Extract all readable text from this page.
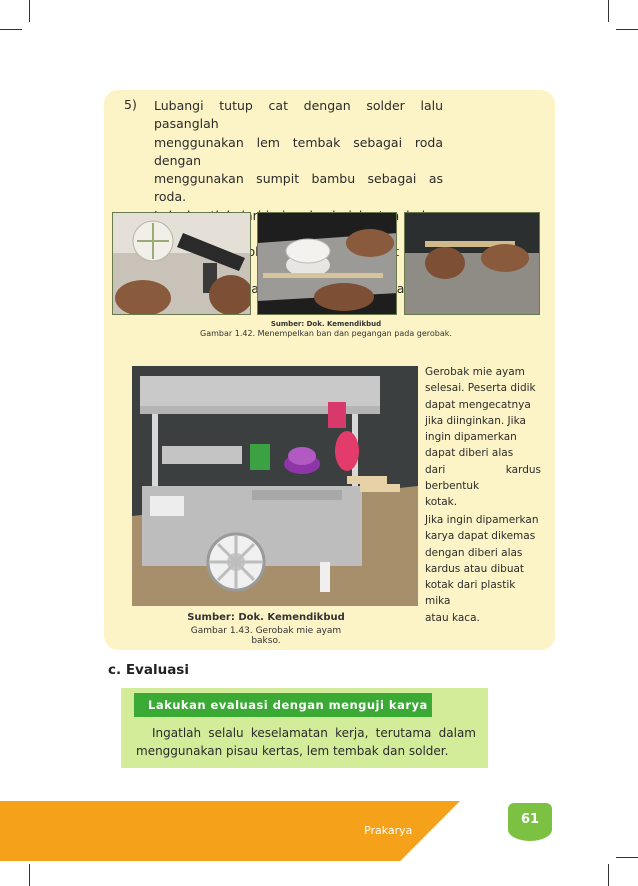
5) Lubangi tutup cat dengan solder lalu pasanglah
menggunakan lem tembak sebagai roda dengan
menggunakan sumpit bambu sebagai as roda.
dan
Sumber: Dok. Kemendikbud
Gambar 1.42. Menempelkan ban dan pegangan pada gerobak.
Gerobak mie ayam
selesai. Peserta didik
dapat mengecatnya
jika diinginkan. Jika
ingin dipamerkan
dapat diberi alas
dari kardus berbentuk
kotak.
Jika ingin dipamerkan
karya dapat dikemas
dengan diberi alas
kardus atau dibuat
kotak dari plastik mika
atau kaca.
Sumber: Dok. Kemendikbud
Gambar 1.43. Gerobak mie ayam bakso.
c. Evaluasi
Lakukan evaluasi dengan menguji karya
Ingatlah selalu keselamatan kerja, terutama dalam menggunakan pisau kertas, lem tembak dan solder.
Prakarya
61
